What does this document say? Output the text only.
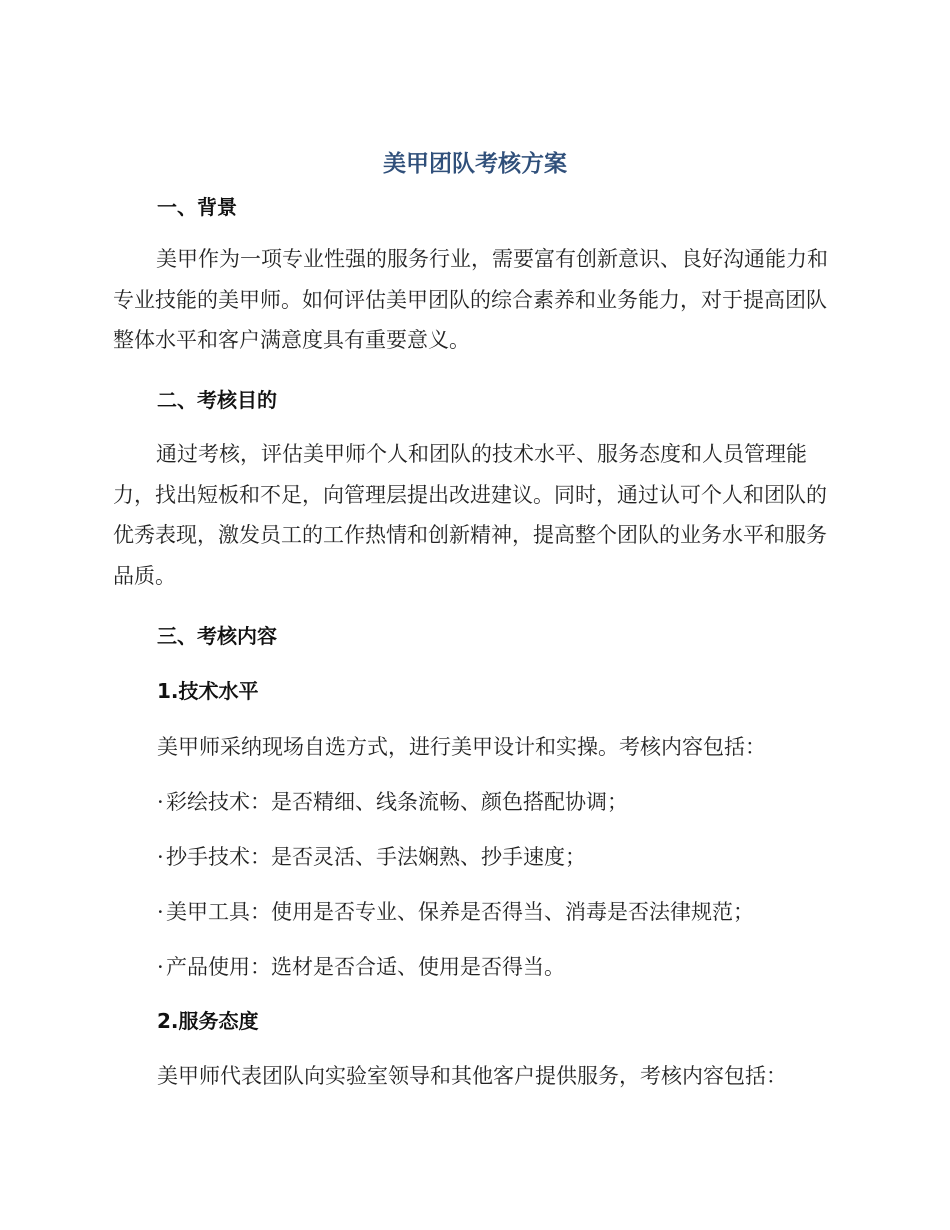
美甲团队考核方案
一、背景
美甲作为一项专业性强的服务行业，需要富有创新意识、良好沟通能力和专业技能的美甲师。如何评估美甲团队的综合素养和业务能力，对于提高团队整体水平和客户满意度具有重要意义。
二、考核目的
通过考核，评估美甲师个人和团队的技术水平、服务态度和人员管理能力，找出短板和不足，向管理层提出改进建议。同时，通过认可个人和团队的优秀表现，激发员工的工作热情和创新精神，提高整个团队的业务水平和服务品质。
三、考核内容
1.技术水平
美甲师采纳现场自选方式，进行美甲设计和实操。考核内容包括：
· 彩绘技术：是否精细、线条流畅、颜色搭配协调；
· 抄手技术：是否灵活、手法娴熟、抄手速度；
· 美甲工具：使用是否专业、保养是否得当、消毒是否法律规范；
· 产品使用：选材是否合适、使用是否得当。
2.服务态度
美甲师代表团队向实验室领导和其他客户提供服务，考核内容包括：
